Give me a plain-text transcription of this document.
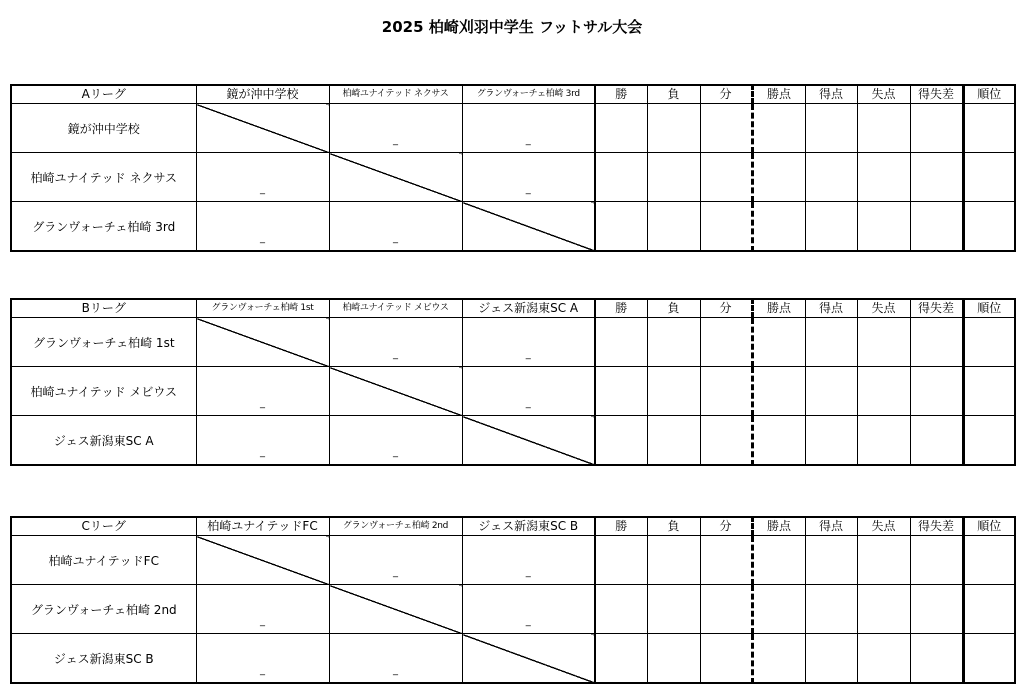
2025 柏崎刈羽中学生 フットサル大会
Aリーグ	鏡が沖中学校	柏崎ユナイテッド ネクサス	グランヴォーチェ柏崎 3rd	勝	負	分	勝点	得点	失点	得失差	順位
鏡が沖中学校		_	_								

柏崎ユナイテッド ネクサス	_		_								

グランヴォーチェ柏崎 3rd	_	_									

Bリーグ	グランヴォーチェ柏崎 1st	柏崎ユナイテッド メビウス	ジェス新潟東SC A	勝	負	分	勝点	得点	失点	得失差	順位
グランヴォーチェ柏崎 1st		_	_								

柏崎ユナイテッド メビウス	_		_								

ジェス新潟東SC A	_	_									

Cリーグ	柏崎ユナイテッドFC	グランヴォーチェ柏崎 2nd	ジェス新潟東SC B	勝	負	分	勝点	得点	失点	得失差	順位
柏崎ユナイテッドFC		_	_								

グランヴォーチェ柏崎 2nd	_		_								

ジェス新潟東SC B	_	_									
